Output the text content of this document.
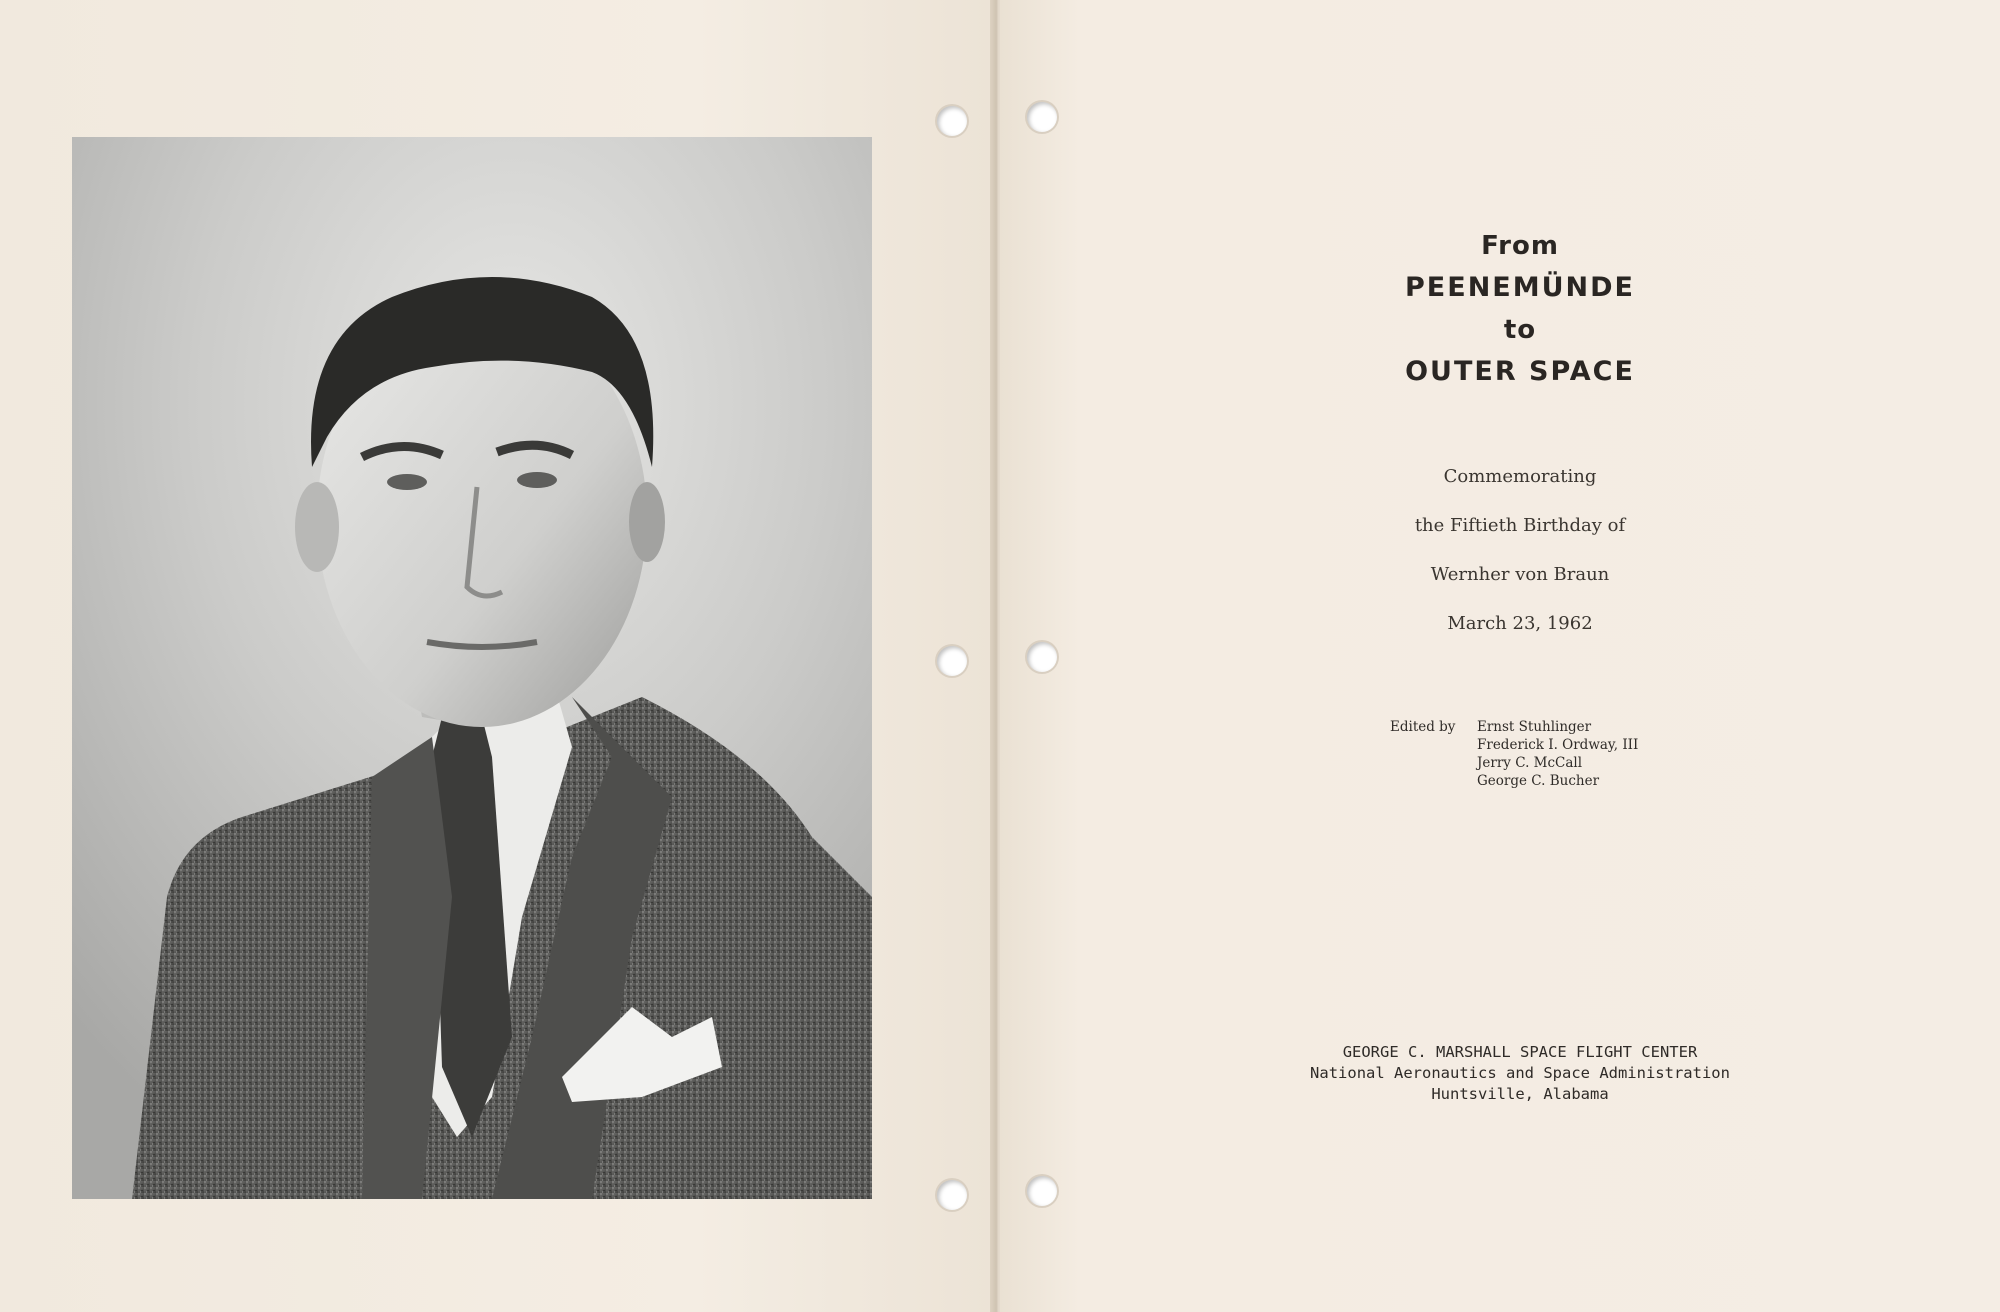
From
PEENEMÜNDE
to
OUTER SPACE
Commemorating
the Fiftieth Birthday of
Wernher von Braun
March 23, 1962
Edited by Ernst Stuhlinger
Frederick I. Ordway, III
Jerry C. McCall
George C. Bucher
GEORGE C. MARSHALL SPACE FLIGHT CENTER
National Aeronautics and Space Administration
Huntsville, Alabama
